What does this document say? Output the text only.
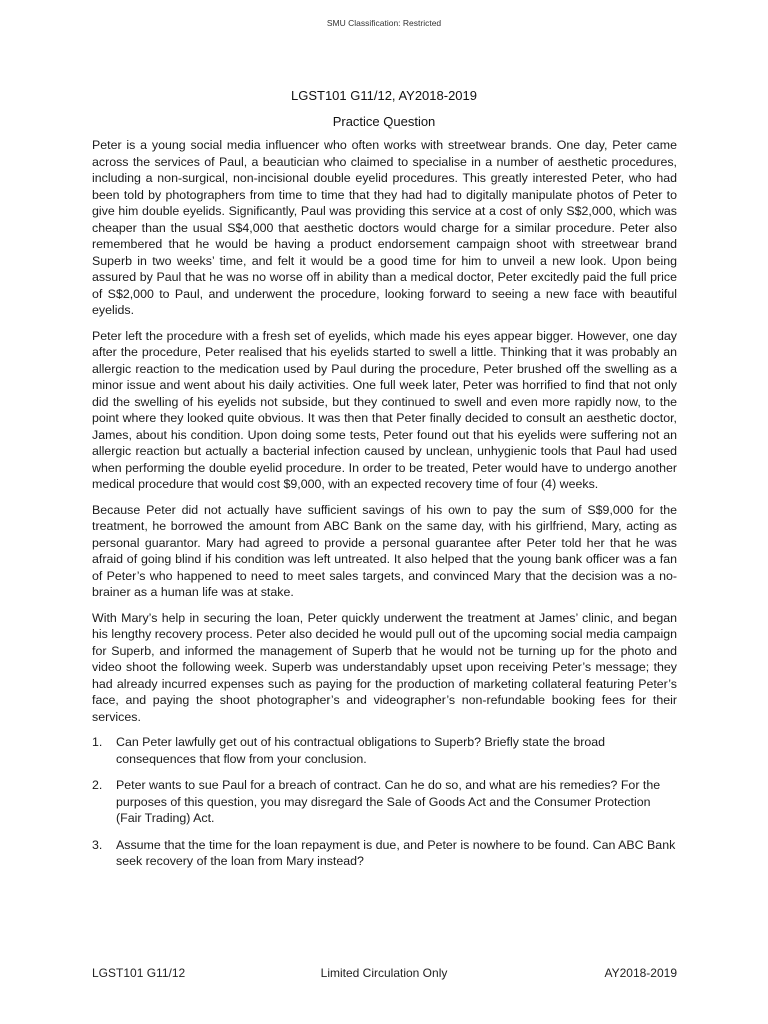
SMU Classification: Restricted
LGST101 G11/12, AY2018-2019
Practice Question

Peter is a young social media influencer who often works with streetwear brands. One day, Peter came across the services of Paul, a beautician who claimed to specialise in a number of aesthetic procedures, including a non-surgical, non-incisional double eyelid procedures. This greatly interested Peter, who had been told by photographers from time to time that they had had to digitally manipulate photos of Peter to give him double eyelids. Significantly, Paul was providing this service at a cost of only S$2,000, which was cheaper than the usual S$4,000 that aesthetic doctors would charge for a similar procedure. Peter also remembered that he would be having a product endorsement campaign shoot with streetwear brand Superb in two weeks’ time, and felt it would be a good time for him to unveil a new look. Upon being assured by Paul that he was no worse off in ability than a medical doctor, Peter excitedly paid the full price of S$2,000 to Paul, and underwent the procedure, looking forward to seeing a new face with beautiful eyelids.

Peter left the procedure with a fresh set of eyelids, which made his eyes appear bigger. However, one day after the procedure, Peter realised that his eyelids started to swell a little. Thinking that it was probably an allergic reaction to the medication used by Paul during the procedure, Peter brushed off the swelling as a minor issue and went about his daily activities. One full week later, Peter was horrified to find that not only did the swelling of his eyelids not subside, but they continued to swell and even more rapidly now, to the point where they looked quite obvious. It was then that Peter finally decided to consult an aesthetic doctor, James, about his condition. Upon doing some tests, Peter found out that his eyelids were suffering not an allergic reaction but actually a bacterial infection caused by unclean, unhygienic tools that Paul had used when performing the double eyelid procedure. In order to be treated, Peter would have to undergo another medical procedure that would cost $9,000, with an expected recovery time of four (4) weeks.

Because Peter did not actually have sufficient savings of his own to pay the sum of S$9,000 for the treatment, he borrowed the amount from ABC Bank on the same day, with his girlfriend, Mary, acting as personal guarantor. Mary had agreed to provide a personal guarantee after Peter told her that he was afraid of going blind if his condition was left untreated. It also helped that the young bank officer was a fan of Peter’s who happened to need to meet sales targets, and convinced Mary that the decision was a no-brainer as a human life was at stake.

With Mary’s help in securing the loan, Peter quickly underwent the treatment at James’ clinic, and began his lengthy recovery process. Peter also decided he would pull out of the upcoming social media campaign for Superb, and informed the management of Superb that he would not be turning up for the photo and video shoot the following week. Superb was understandably upset upon receiving Peter’s message; they had already incurred expenses such as paying for the production of marketing collateral featuring Peter’s face, and paying the shoot photographer’s and videographer’s non-refundable booking fees for their services.

1. Can Peter lawfully get out of his contractual obligations to Superb? Briefly state the broad consequences that flow from your conclusion.
2. Peter wants to sue Paul for a breach of contract. Can he do so, and what are his remedies? For the purposes of this question, you may disregard the Sale of Goods Act and the Consumer Protection (Fair Trading) Act.
3. Assume that the time for the loan repayment is due, and Peter is nowhere to be found. Can ABC Bank seek recovery of the loan from Mary instead?
LGST101 G11/12	Limited Circulation Only	AY2018-2019
